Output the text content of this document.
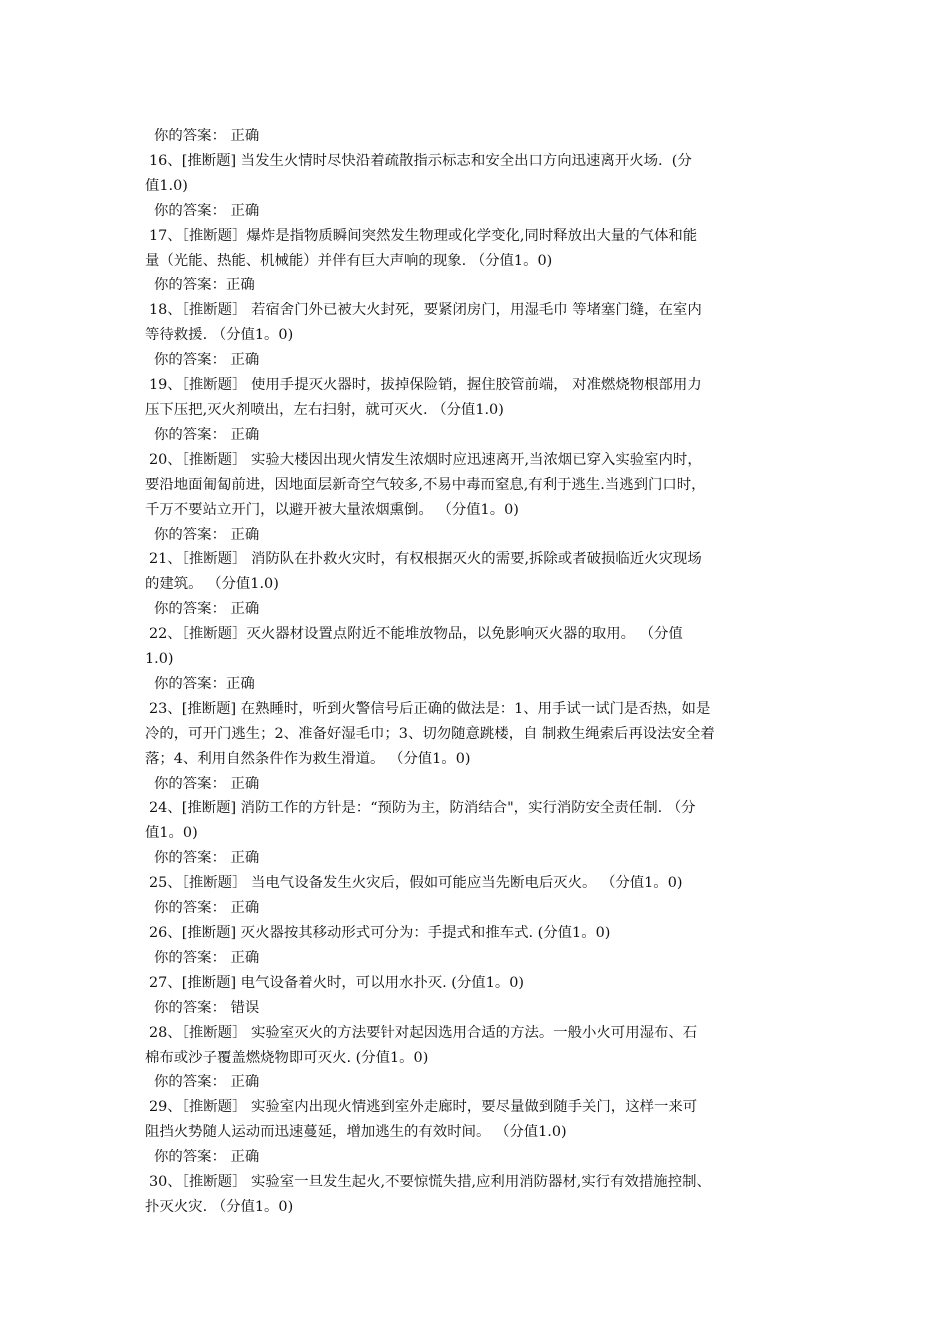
你的答案： 正确
16、[推断题] 当发生火情时尽快沿着疏散指示标志和安全出口方向迅速离开火场.  (分
值1.0)
你的答案： 正确
17、［推断题］爆炸是指物质瞬间突然发生物理或化学变化,同时释放出大量的气体和能
量（光能、热能、机械能）并伴有巨大声响的现象. （分值1。0)
你的答案：正确
18、［推断题］ 若宿舍门外已被大火封死，要紧闭房门，用湿毛巾 等堵塞门缝，在室内
等待救援. （分值1。0)
你的答案： 正确
19、［推断题］ 使用手提灭火器时，拔掉保险销，握住胶管前端， 对准燃烧物根部用力
压下压把,灭火剂喷出，左右扫射，就可灭火. （分值1.0)
你的答案： 正确
20、［推断题］ 实验大楼因出现火情发生浓烟时应迅速离开,当浓烟已穿入实验室内时，
要沿地面匍匐前进，因地面层新奇空气较多,不易中毒而窒息,有利于逃生.当逃到门口时，
千万不要站立开门，以避开被大量浓烟熏倒。 （分值1。0)
你的答案： 正确
21、［推断题］ 消防队在扑救火灾时，有权根据灭火的需要,拆除或者破损临近火灾现场
的建筑。 （分值1.0)
你的答案： 正确
22、［推断题］灭火器材设置点附近不能堆放物品，以免影响灭火器的取用。 （分值
1.0)
你的答案：正确
23、[推断题] 在熟睡时，听到火警信号后正确的做法是：1、用手试一试门是否热，如是
冷的，可开门逃生；2、准备好湿毛巾；3、切勿随意跳楼，自 制救生绳索后再设法安全着
落；4、利用自然条件作为救生滑道。 （分值1。0)
你的答案： 正确
24、[推断题] 消防工作的方针是：“预防为主，防消结合"，实行消防安全责任制. （分
值1。0)
你的答案： 正确
25、［推断题］ 当电气设备发生火灾后，假如可能应当先断电后灭火。 （分值1。0)
你的答案： 正确
26、[推断题] 灭火器按其移动形式可分为：手提式和推车式. (分值1。0)
你的答案： 正确
27、[推断题] 电气设备着火时，可以用水扑灭. (分值1。0)
你的答案： 错误
28、［推断题］ 实验室灭火的方法要针对起因选用合适的方法。一般小火可用湿布、石
棉布或沙子覆盖燃烧物即可灭火. (分值1。0)
你的答案： 正确
29、［推断题］ 实验室内出现火情逃到室外走廊时，要尽量做到随手关门，这样一来可
阻挡火势随人运动而迅速蔓延，增加逃生的有效时间。 （分值1.0)
你的答案： 正确
30、［推断题］ 实验室一旦发生起火,不要惊慌失措,应利用消防器材,实行有效措施控制、
扑灭火灾. （分值1。0)
